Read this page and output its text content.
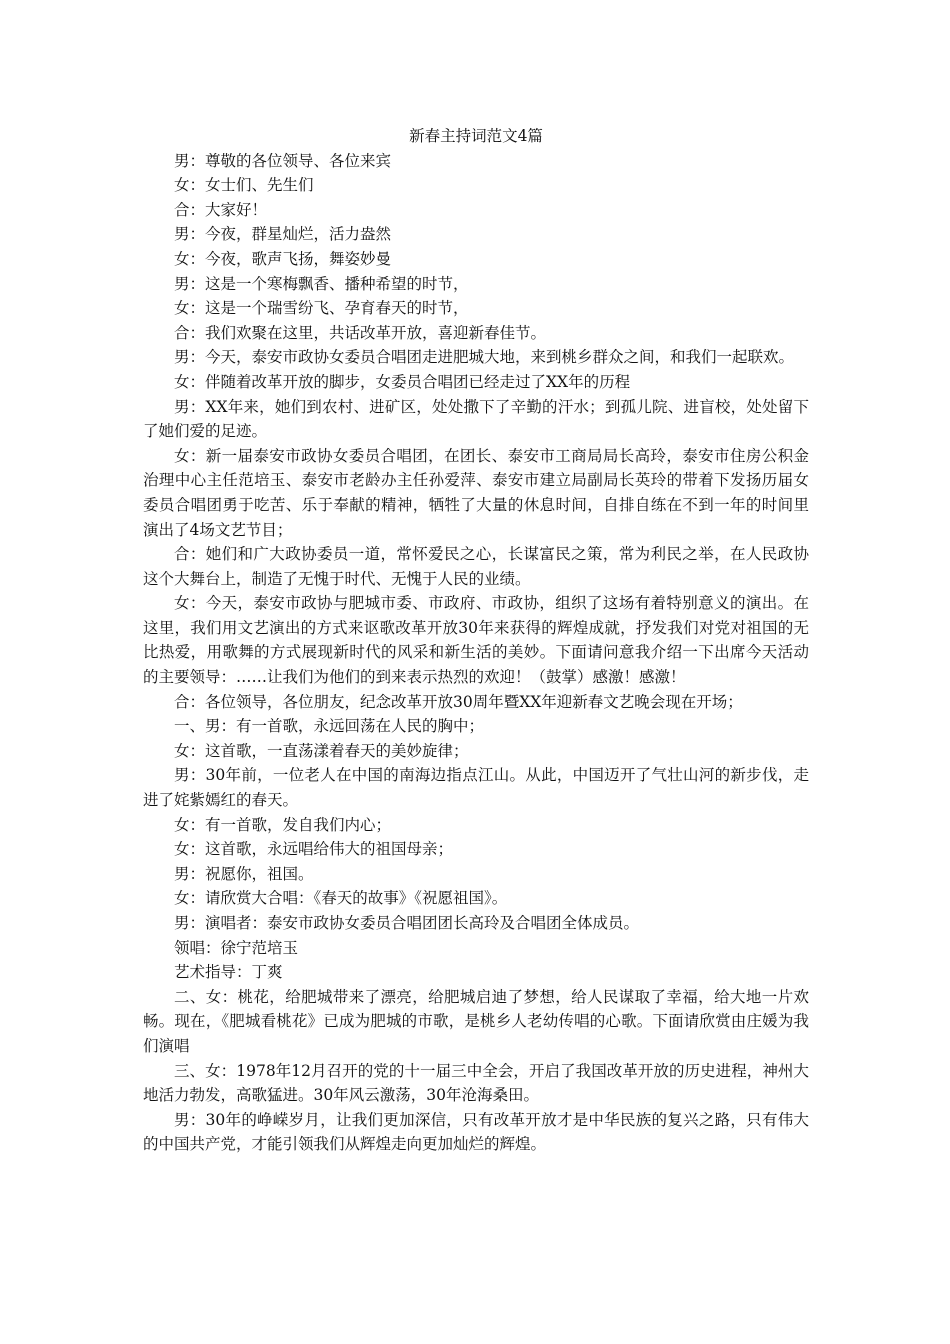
新春主持词范文4篇

男：尊敬的各位领导、各位来宾

女：女士们、先生们

合：大家好！

男：今夜，群星灿烂，活力盎然

女：今夜，歌声飞扬，舞姿妙曼

男：这是一个寒梅飘香、播种希望的时节，

女：这是一个瑞雪纷飞、孕育春天的时节，

合：我们欢聚在这里，共话改革开放，喜迎新春佳节。

男：今天，泰安市政协女委员合唱团走进肥城大地，来到桃乡群众之间，和我们一起联欢。

女：伴随着改革开放的脚步，女委员合唱团已经走过了XX年的历程

男：XX年来，她们到农村、进矿区，处处撒下了辛勤的汗水；到孤儿院、进盲校，处处留下了她们爱的足迹。

女：新一届泰安市政协女委员合唱团，在团长、泰安市工商局局长高玲，泰安市住房公积金治理中心主任范培玉、泰安市老龄办主任孙爱萍、泰安市建立局副局长英玲的带着下发扬历届女委员合唱团勇于吃苦、乐于奉献的精神，牺牲了大量的休息时间，自排自练在不到一年的时间里演出了4场文艺节目；

合：她们和广大政协委员一道，常怀爱民之心，长谋富民之策，常为利民之举，在人民政协这个大舞台上，制造了无愧于时代、无愧于人民的业绩。

女：今天，泰安市政协与肥城市委、市政府、市政协，组织了这场有着特别意义的演出。在这里，我们用文艺演出的方式来讴歌改革开放30年来获得的辉煌成就，抒发我们对党对祖国的无比热爱，用歌舞的方式展现新时代的风采和新生活的美妙。下面请问意我介绍一下出席今天活动的主要领导：……让我们为他们的到来表示热烈的欢迎！（鼓掌）感激！感激！

合：各位领导，各位朋友，纪念改革开放30周年暨XX年迎新春文艺晚会现在开场；

一、男：有一首歌，永远回荡在人民的胸中；

女：这首歌，一直荡漾着春天的美妙旋律；

男：30年前，一位老人在中国的南海边指点江山。从此，中国迈开了气壮山河的新步伐，走进了姹紫嫣红的春天。

女：有一首歌，发自我们内心；

女：这首歌，永远唱给伟大的祖国母亲；

男：祝愿你，祖国。

女：请欣赏大合唱：《春天的故事》《祝愿祖国》。

男：演唱者：泰安市政协女委员合唱团团长高玲及合唱团全体成员。

领唱：徐宁范培玉

艺术指导：丁爽

二、女：桃花，给肥城带来了漂亮，给肥城启迪了梦想，给人民谋取了幸福，给大地一片欢畅。现在，《肥城看桃花》已成为肥城的市歌，是桃乡人老幼传唱的心歌。下面请欣赏由庄媛为我们演唱

三、女：1978年12月召开的党的十一届三中全会，开启了我国改革开放的历史进程，神州大地活力勃发，高歌猛进。30年风云激荡，30年沧海桑田。

男：30年的峥嵘岁月，让我们更加深信，只有改革开放才是中华民族的复兴之路，只有伟大的中国共产党，才能引领我们从辉煌走向更加灿烂的辉煌。
